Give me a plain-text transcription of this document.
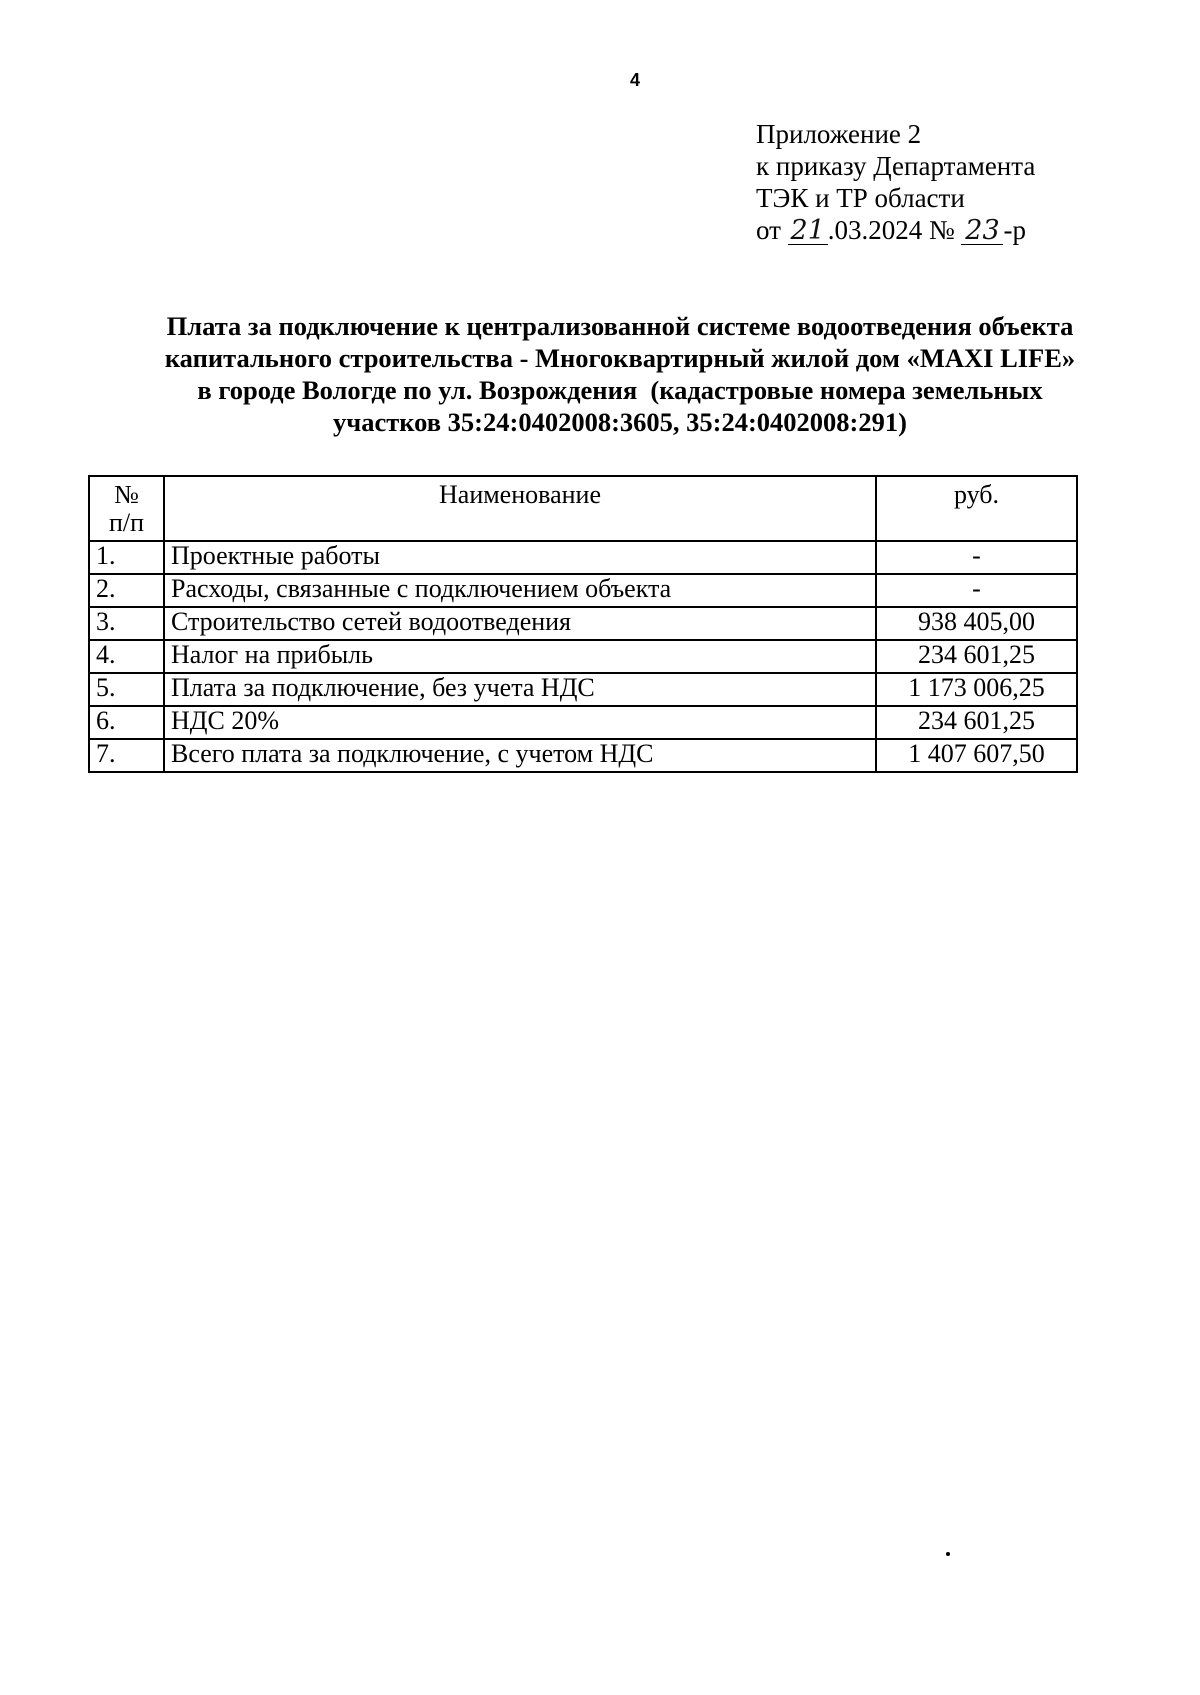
4
Приложение 2
к приказу Департамента
ТЭК и ТР области
от 21 .03.2024 № 23 -р
Плата за подключение к централизованной системе водоотведения объекта
капитального строительства - Многоквартирный жилой дом «MAXI LIFE»
в городе Вологде по ул. Возрождения  (кадастровые номера земельных
участков 35:24:0402008:3605, 35:24:0402008:291)
№
п/п	Наименование	руб.
1.	Проектные работы	-
2.	Расходы, связанные с подключением объекта	-
3.	Строительство сетей водоотведения	938 405,00
4.	Налог на прибыль	234 601,25
5.	Плата за подключение, без учета НДС	1 173 006,25
6.	НДС 20%	234 601,25
7.	Всего плата за подключение, с учетом НДС	1 407 607,50
